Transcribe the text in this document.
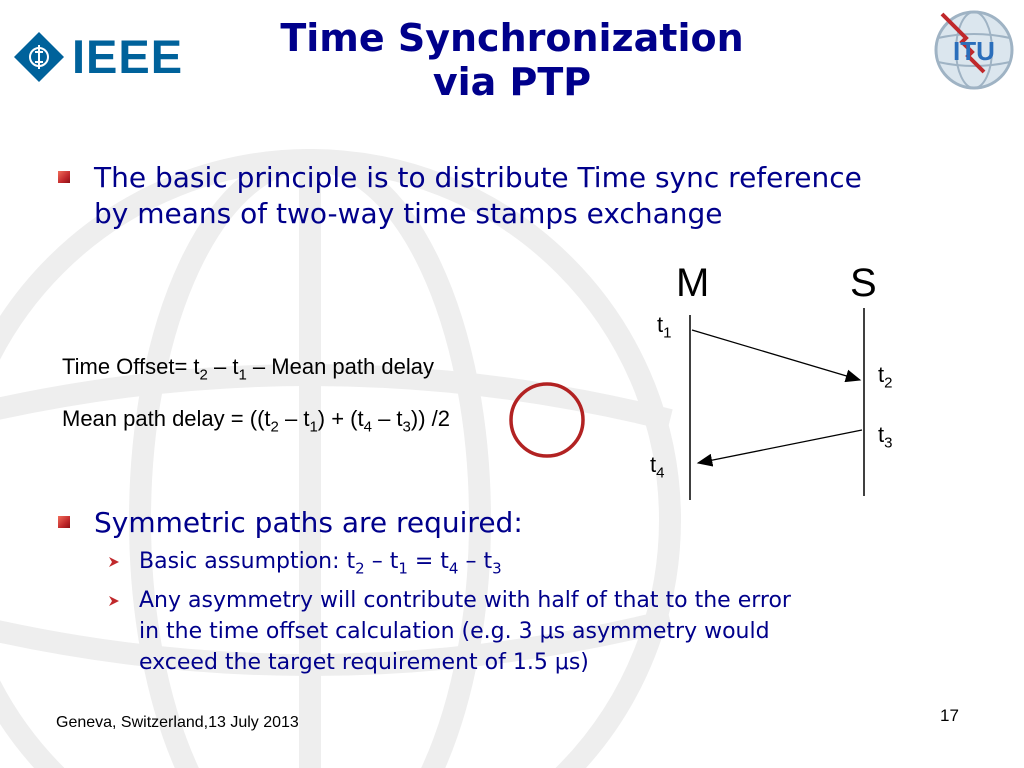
IEEE	ITU
Time Synchronization
via PTP
The basic principle is to distribute Time sync reference by means of two-way time stamps exchange
Time Offset= $t_2 - t_1$ – Mean path delay
Mean path delay = $((t_2 - t_1) + (t_4 - t_3))$ /2
M	S
$t_1$
$t_2$
$t_3$
$t_4$
Symmetric paths are required:
Basic assumption: $t_2 - t_1 = t_4 - t_3$
Any asymmetry will contribute with half of that to the error
in the time offset calculation (e.g. 3 μs asymmetry would
exceed the target requirement of 1.5 μs)
Geneva, Switzerland,13 July 2013	17
